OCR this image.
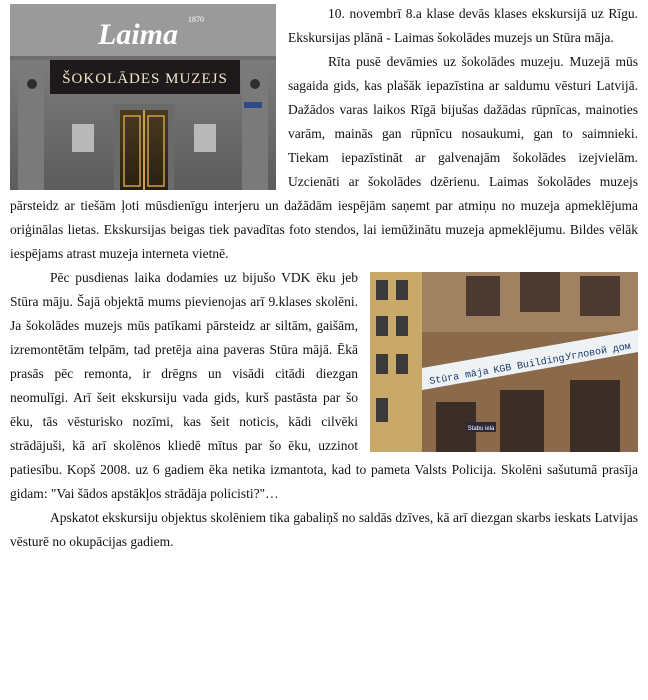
ŠOKOLĀDES MUZEJS
Laima 1870	10. novembrī 8.a klase devās klases ekskursijā uz Rīgu. Ekskursijas plānā - Laimas šokolādes muzejs un Stūra māja.

Rīta pusē devāmies uz šokolādes muzeju. Muzejā mūs sagaida gids, kas plašāk iepazīstina ar saldumu vēsturi Latvijā. Dažādos varas laikos Rīgā bijušas dažādas rūpnīcas, mainoties varām, mainās gan rūpnīcu nosaukumi, gan to saimnieki. Tiekam iepazīstināt ar galvenajām šokolādes izejvielām. Uzcienāti ar šokolādes dzērienu. Laimas šokolādes muzejs pārsteidz ar tiešām ļoti mūsdienīgu interjeru un dažādām iespējām saņemt par atmiņu no muzeja apmeklējuma oriģinālas lietas. Ekskursijas beigas tiek pavadītas foto stendos, lai iemūžinātu muzeja apmeklējumu. Bildes vēlāk iespējams atrast muzeja interneta vietnē.

Stūra māja
KGB Building
Угловой дом
Stabu iela

Pēc pusdienas laika dodamies uz bijušo VDK ēku jeb Stūra māju. Šajā objektā mums pievienojas arī 9.klases skolēni. Ja šokolādes muzejs mūs patīkami pārsteidz ar siltām, gaišām, izremontētām telpām, tad pretēja aina paveras Stūra mājā. Ēkā prasās pēc remonta, ir drēgns un visādi citādi diezgan neomulīgi. Arī šeit ekskursiju vada gids, kurš pastāsta par šo ēku, tās vēsturisko nozīmi, kas šeit noticis, kādi cilvēki strādājuši, kā arī skolēnos kliedē mītus par šo ēku, uzzinot patiesību. Kopš 2008. uz 6 gadiem ēka netika izmantota, kad to pameta Valsts Policija. Skolēni sašutumā prasīja gidam: "Vai šādos apstākļos strādāja policisti?"…

Apskatot ekskursiju objektus skolēniem tika gabaliņš no saldās dzīves, kā arī diezgan skarbs ieskats Latvijas vēsturē no okupācijas gadiem.
